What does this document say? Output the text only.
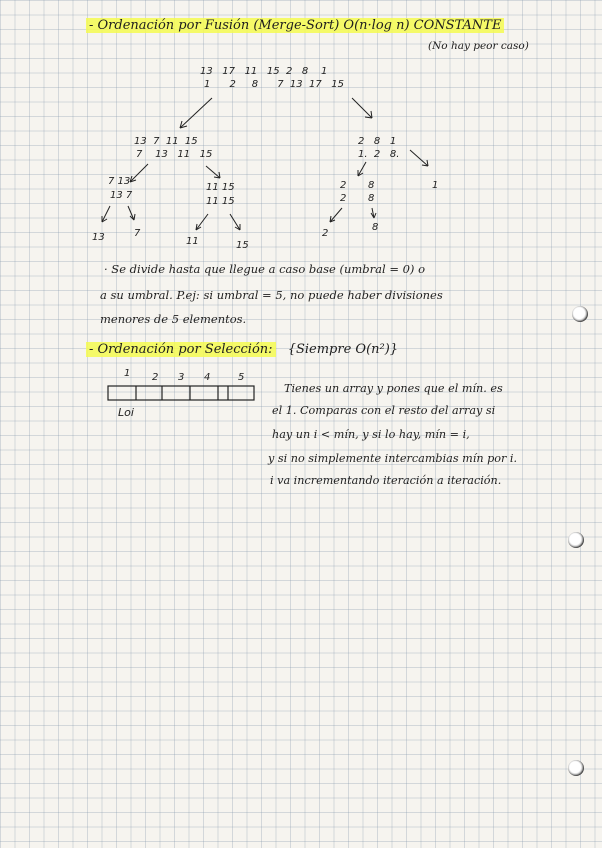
- Ordenación por Fusión (Merge-Sort) O(n·log n) CONSTANTE
(No hay peor caso)
13 17 11 15 2 8 1
1 2 8 7 13 17 15
13 7 11 15
7 13 11 15
2 8 1
1. 2 8.
7 13
13 7
11 15
11 15
2
2
8
8
13	7
11	15
2
8
1
· Se divide hasta que llegue a caso base (umbral = 0) o
a su umbral. P.ej: si umbral = 5, no puede haber divisiones
menores de 5 elementos.
- Ordenación por Selección: {Siempre O(n²)}
1 2 3 4	5
Loi
Tienes un array y pones que el mín. es
el 1. Comparas con el resto del array si
hay un i < mín, y si lo hay, mín = i,
y si no simplemente intercambias mín por i.
i va incrementando iteración a iteración.
